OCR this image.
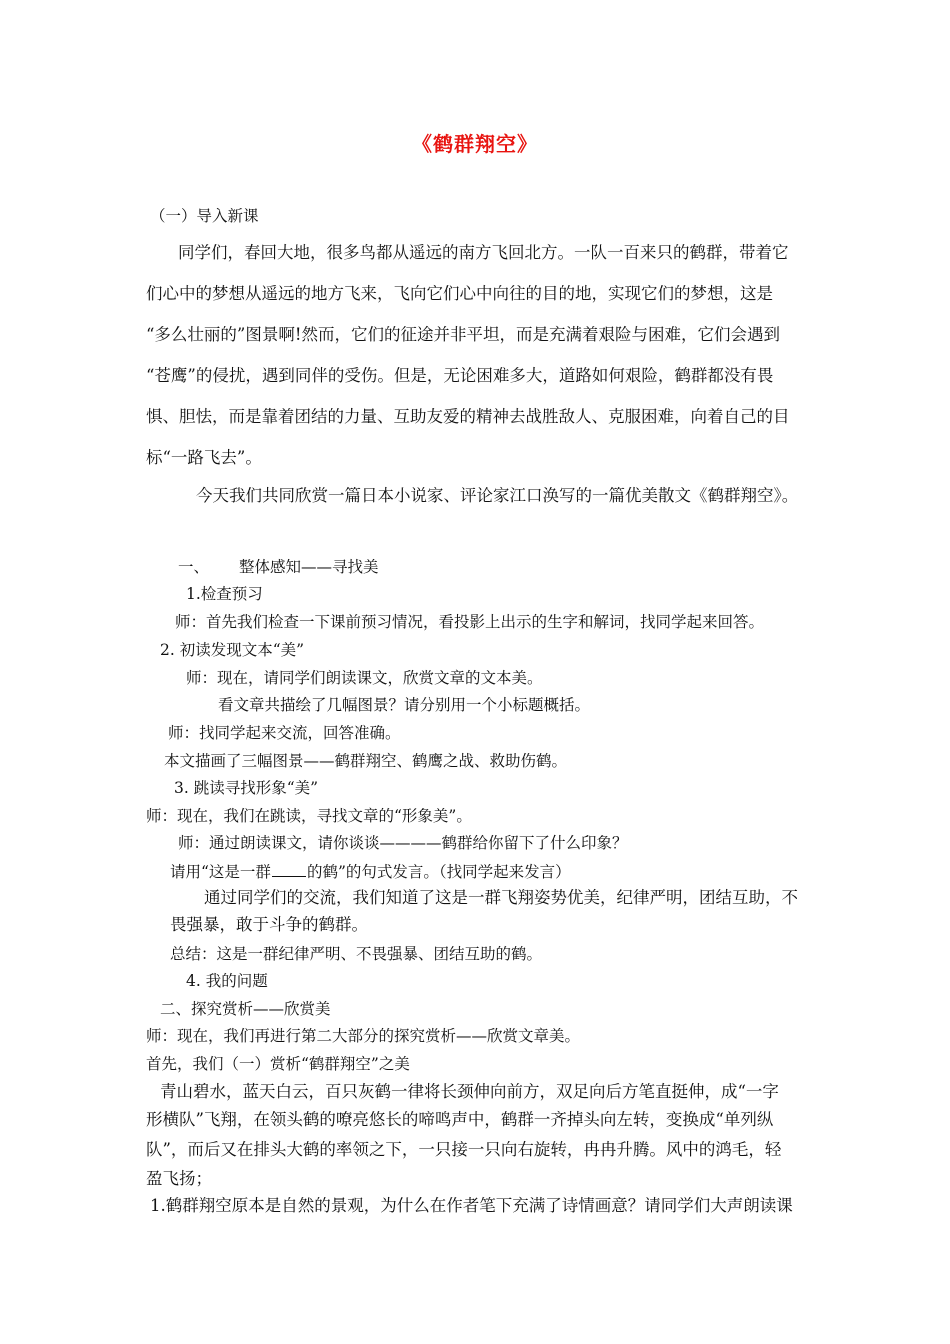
《鹤群翔空》
（一）导入新课
同学们，春回大地，很多鸟都从遥远的南方飞回北方。一队一百来只的鹤群，带着它
们心中的梦想从遥远的地方飞来，飞向它们心中向往的目的地，实现它们的梦想，这是
“多么壮丽的”图景啊!然而，它们的征途并非平坦，而是充满着艰险与困难，它们会遇到
“苍鹰”的侵扰，遇到同伴的受伤。但是，无论困难多大，道路如何艰险，鹤群都没有畏
惧、胆怯，而是靠着团结的力量、互助友爱的精神去战胜敌人、克服困难，向着自己的目
标“一路飞去”。
今天我们共同欣赏一篇日本小说家、评论家江口涣写的一篇优美散文《鹤群翔空》。
一、 整体感知——寻找美
1.检查预习
师：首先我们检查一下课前预习情况，看投影上出示的生字和解词，找同学起来回答。
2. 初读发现文本“美”
师：现在，请同学们朗读课文，欣赏文章的文本美。
看文章共描绘了几幅图景？请分别用一个小标题概括。
师：找同学起来交流，回答准确。
本文描画了三幅图景——鹤群翔空、鹤鹰之战、救助伤鹤。
3. 跳读寻找形象“美”
师：现在，我们在跳读，寻找文章的“形象美”。
师：通过朗读课文，请你谈谈————鹤群给你留下了什么印象？
请用“这是一群 的鹤”的句式发言。（找同学起来发言）
通过同学们的交流，我们知道了这是一群飞翔姿势优美，纪律严明，团结互助，不
畏强暴，敢于斗争的鹤群。
总结：这是一群纪律严明、不畏强暴、团结互助的鹤。
4. 我的问题
二、探究赏析——欣赏美
师：现在，我们再进行第二大部分的探究赏析——欣赏文章美。
首先，我们（一）赏析“鹤群翔空”之美
青山碧水，蓝天白云，百只灰鹤一律将长颈伸向前方，双足向后方笔直挺伸，成“一字
形横队”飞翔，在领头鹤的嘹亮悠长的啼鸣声中，鹤群一齐掉头向左转，变换成“单列纵
队”，而后又在排头大鹤的率领之下，一只接一只向右旋转，冉冉升腾。风中的鸿毛，轻
盈飞扬；
1.鹤群翔空原本是自然的景观，为什么在作者笔下充满了诗情画意？请同学们大声朗读课
